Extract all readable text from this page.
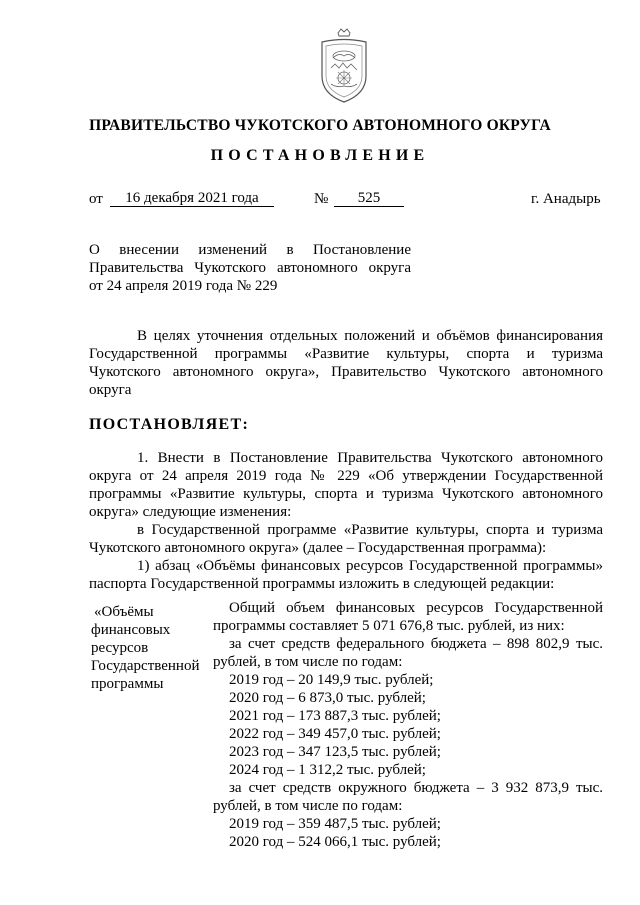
ПРАВИТЕЛЬСТВО ЧУКОТСКОГО АВТОНОМНОГО ОКРУГА
ПОСТАНОВЛЕНИЕ
от	16 декабря 2021 года	№	525	г. Анадырь
О внесении изменений в Постановление
Правительства Чукотского автономного округа
от 24 апреля 2019 года № 229
В целях уточнения отдельных положений и объёмов финансирования
Государственной программы «Развитие культуры, спорта и туризма
Чукотского автономного округа», Правительство Чукотского автономного
округа
ПОСТАНОВЛЯЕТ:
1. Внести в Постановление Правительства Чукотского автономного
округа от 24 апреля 2019 года № 229 «Об утверждении Государственной
программы «Развитие культуры, спорта и туризма Чукотского автономного
округа» следующие изменения:
в Государственной программе «Развитие культуры, спорта и туризма
Чукотского автономного округа» (далее – Государственная программа):
1) абзац «Объёмы финансовых ресурсов Государственной программы»
паспорта Государственной программы изложить в следующей редакции:
«Объёмы
финансовых
ресурсов
Государственной
программы
Общий объем финансовых ресурсов Государственной
программы составляет 5 071 676,8 тыс. рублей, из них:
за счет средств федерального бюджета – 898 802,9 тыс.
рублей, в том числе по годам:
2019 год – 20 149,9 тыс. рублей;
2020 год – 6 873,0 тыс. рублей;
2021 год – 173 887,3 тыс. рублей;
2022 год – 349 457,0 тыс. рублей;
2023 год – 347 123,5 тыс. рублей;
2024 год – 1 312,2 тыс. рублей;
за счет средств окружного бюджета – 3 932 873,9 тыс.
рублей, в том числе по годам:
2019 год – 359 487,5 тыс. рублей;
2020 год – 524 066,1 тыс. рублей;
